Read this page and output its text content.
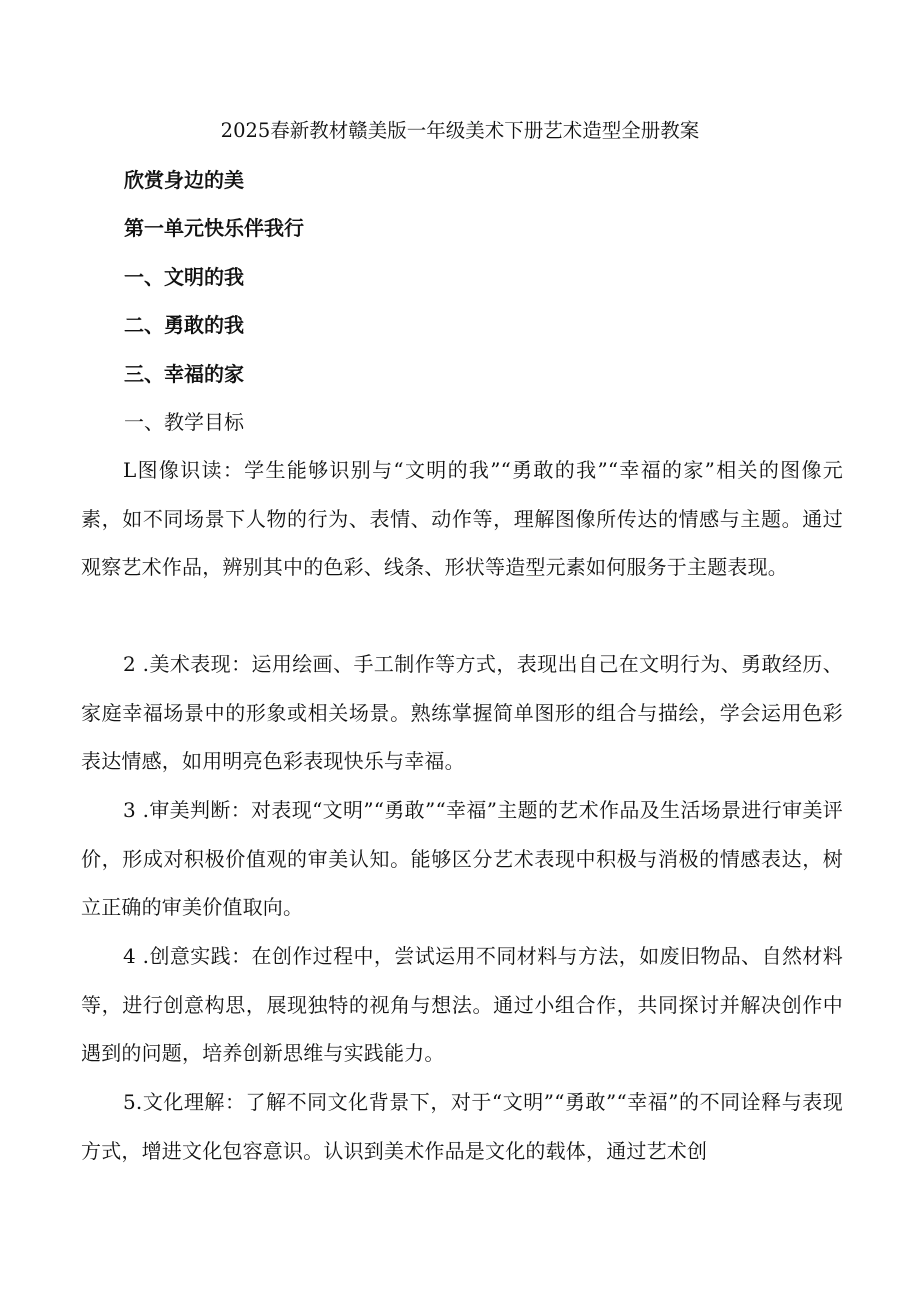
2025春新教材赣美版一年级美术下册艺术造型全册教案
欣赏身边的美
第一单元快乐伴我行
一、文明的我
二、勇敢的我
三、幸福的家
一、教学目标

L图像识读：学生能够识别与“文明的我”“勇敢的我”“幸福的家”相关的图像元素，如不同场景下人物的行为、表情、动作等，理解图像所传达的情感与主题。通过观察艺术作品，辨别其中的色彩、线条、形状等造型元素如何服务于主题表现。

2 .美术表现：运用绘画、手工制作等方式，表现出自己在文明行为、勇敢经历、家庭幸福场景中的形象或相关场景。熟练掌握简单图形的组合与描绘，学会运用色彩表达情感，如用明亮色彩表现快乐与幸福。

3 .审美判断：对表现“文明”“勇敢”“幸福”主题的艺术作品及生活场景进行审美评价，形成对积极价值观的审美认知。能够区分艺术表现中积极与消极的情感表达，树立正确的审美价值取向。

4 .创意实践：在创作过程中，尝试运用不同材料与方法，如废旧物品、自然材料等，进行创意构思，展现独特的视角与想法。通过小组合作，共同探讨并解决创作中遇到的问题，培养创新思维与实践能力。

5.文化理解：了解不同文化背景下，对于“文明”“勇敢”“幸福”的不同诠释与表现方式，增进文化包容意识。认识到美术作品是文化的载体，通过艺术创
